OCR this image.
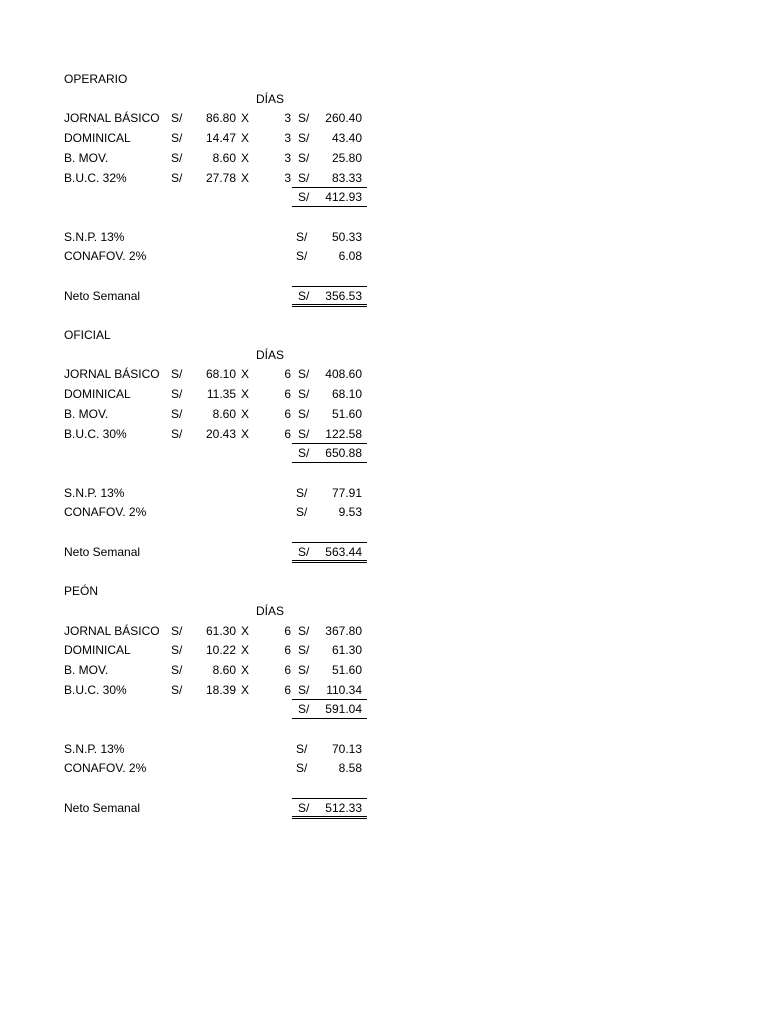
OPERARIO
DÍAS
JORNAL BÁSICO S/	86.80 X	3 S/	260.40
DOMINICAL	S/	14.47 X	3 S/	43.40
B. MOV.	S/	8.60 X	3 S/	25.80
B.U.C. 32%	S/	27.78 X	3 S/	83.33
S/	412.93
S.N.P. 13%	S/	50.33
CONAFOV. 2%	S/	6.08
Neto Semanal	S/	356.53
OFICIAL
DÍAS
JORNAL BÁSICO S/	68.10 X	6 S/	408.60
DOMINICAL	S/	11.35 X	6 S/	68.10
B. MOV.	S/	8.60 X	6 S/	51.60
B.U.C. 30%	S/	20.43 X	6 S/	122.58
S/	650.88
S.N.P. 13%	S/	77.91
CONAFOV. 2%	S/	9.53
Neto Semanal	S/	563.44
PEÓN
DÍAS
JORNAL BÁSICO S/	61.30 X	6 S/	367.80
DOMINICAL	S/	10.22 X	6 S/	61.30
B. MOV.	S/	8.60 X	6 S/	51.60
B.U.C. 30%	S/	18.39 X	6 S/	110.34
S/	591.04
S.N.P. 13%	S/	70.13
CONAFOV. 2%	S/	8.58
Neto Semanal	S/	512.33
